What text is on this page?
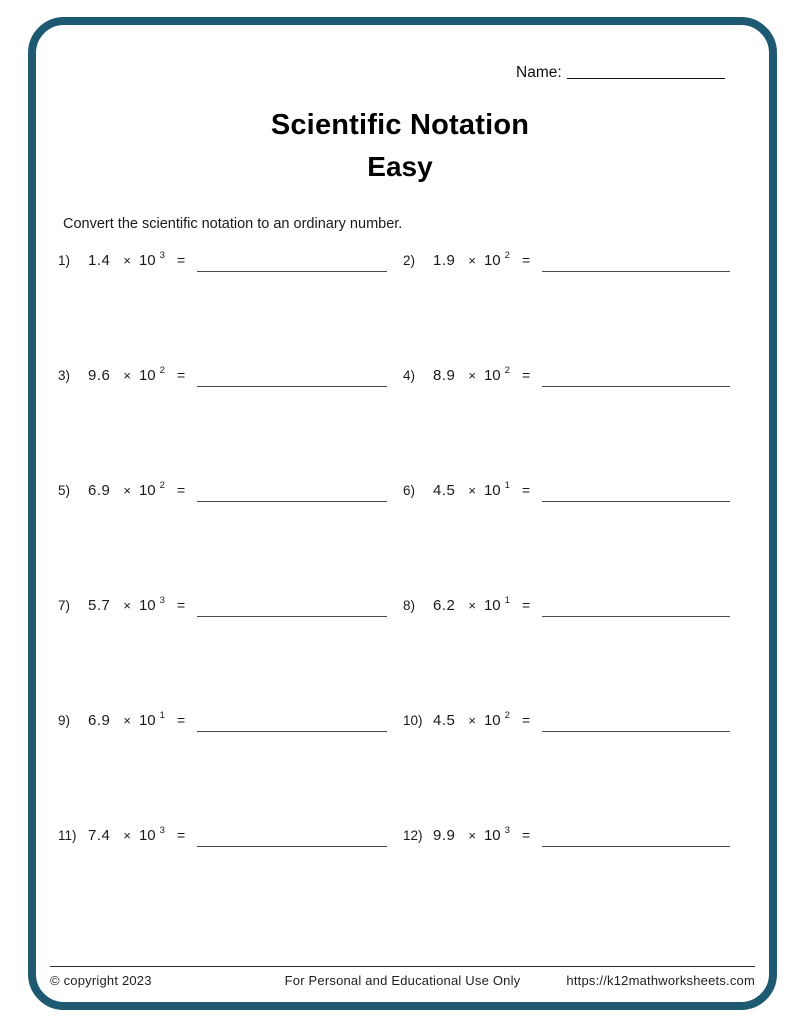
Name:
Scientific Notation
Easy
Convert the scientific notation to an ordinary number.
1)	1.4 × 10 3 =	2)	1.9 × 10 2 =
3)	9.6 × 10 2 =	4)	8.9 × 10 2 =
5)	6.9 × 10 2 =	6)	4.5 × 10 1 =
7)	5.7 × 10 3 =	8)	6.2 × 10 1 =
9)	6.9 × 10 1 =	10) 4.5 × 10 2 =
11) 7.4 × 10 3 =	12) 9.9 × 10 3 =
© copyright 2023	For Personal and Educational Use Only	https://k12mathworksheets.com
